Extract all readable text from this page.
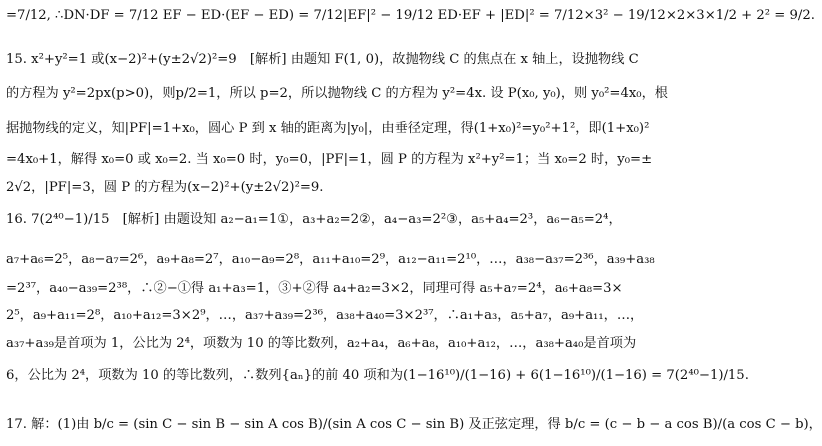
=7/12, ∴DN·DF = 7/12 EF − ED·(EF − ED) = 7/12|EF|² − 19/12 ED·EF + |ED|² = 7/12×3² − 19/12×2×3×1/2 + 2² = 9/2.
15. x²+y²=1 或(x−2)²+(y±2√2)²=9　[解析] 由题知 F(1, 0)，故抛物线 C 的焦点在 x 轴上，设抛物线 C
的方程为 y²=2px(p>0)，则p/2=1，所以 p=2，所以抛物线 C 的方程为 y²=4x. 设 P(x₀, y₀)，则 y₀²=4x₀，根
据抛物线的定义，知|PF|=1+x₀，圆心 P 到 x 轴的距离为|y₀|，由垂径定理，得(1+x₀)²=y₀²+1²，即(1+x₀)²
=4x₀+1，解得 x₀=0 或 x₀=2. 当 x₀=0 时，y₀=0，|PF|=1，圆 P 的方程为 x²+y²=1；当 x₀=2 时，y₀=±
2√2，|PF|=3，圆 P 的方程为(x−2)²+(y±2√2)²=9.
16. 7(2⁴⁰−1)/15　[解析] 由题设知 a₂−a₁=1①，a₃+a₂=2②，a₄−a₃=2²③，a₅+a₄=2³，a₆−a₅=2⁴，
a₇+a₆=2⁵，a₈−a₇=2⁶，a₉+a₈=2⁷，a₁₀−a₉=2⁸，a₁₁+a₁₀=2⁹，a₁₂−a₁₁=2¹⁰，…，a₃₈−a₃₇=2³⁶，a₃₉+a₃₈
=2³⁷，a₄₀−a₃₉=2³⁸，∴②−①得 a₁+a₃=1，③+②得 a₄+a₂=3×2，同理可得 a₅+a₇=2⁴，a₆+a₈=3×
2⁵，a₉+a₁₁=2⁸，a₁₀+a₁₂=3×2⁹，…，a₃₇+a₃₉=2³⁶，a₃₈+a₄₀=3×2³⁷，∴a₁+a₃，a₅+a₇，a₉+a₁₁，…，
a₃₇+a₃₉是首项为 1，公比为 2⁴，项数为 10 的等比数列，a₂+a₄，a₆+a₈，a₁₀+a₁₂，…，a₃₈+a₄₀是首项为
6，公比为 2⁴，项数为 10 的等比数列，∴数列{aₙ}的前 40 项和为(1−16¹⁰)/(1−16) + 6(1−16¹⁰)/(1−16) = 7(2⁴⁰−1)/15.
17. 解：(1)由 b/c = (sin C − sin B − sin A cos B)/(sin A cos C − sin B) 及正弦定理，得 b/c = (c − b − a cos B)/(a cos C − b)，
